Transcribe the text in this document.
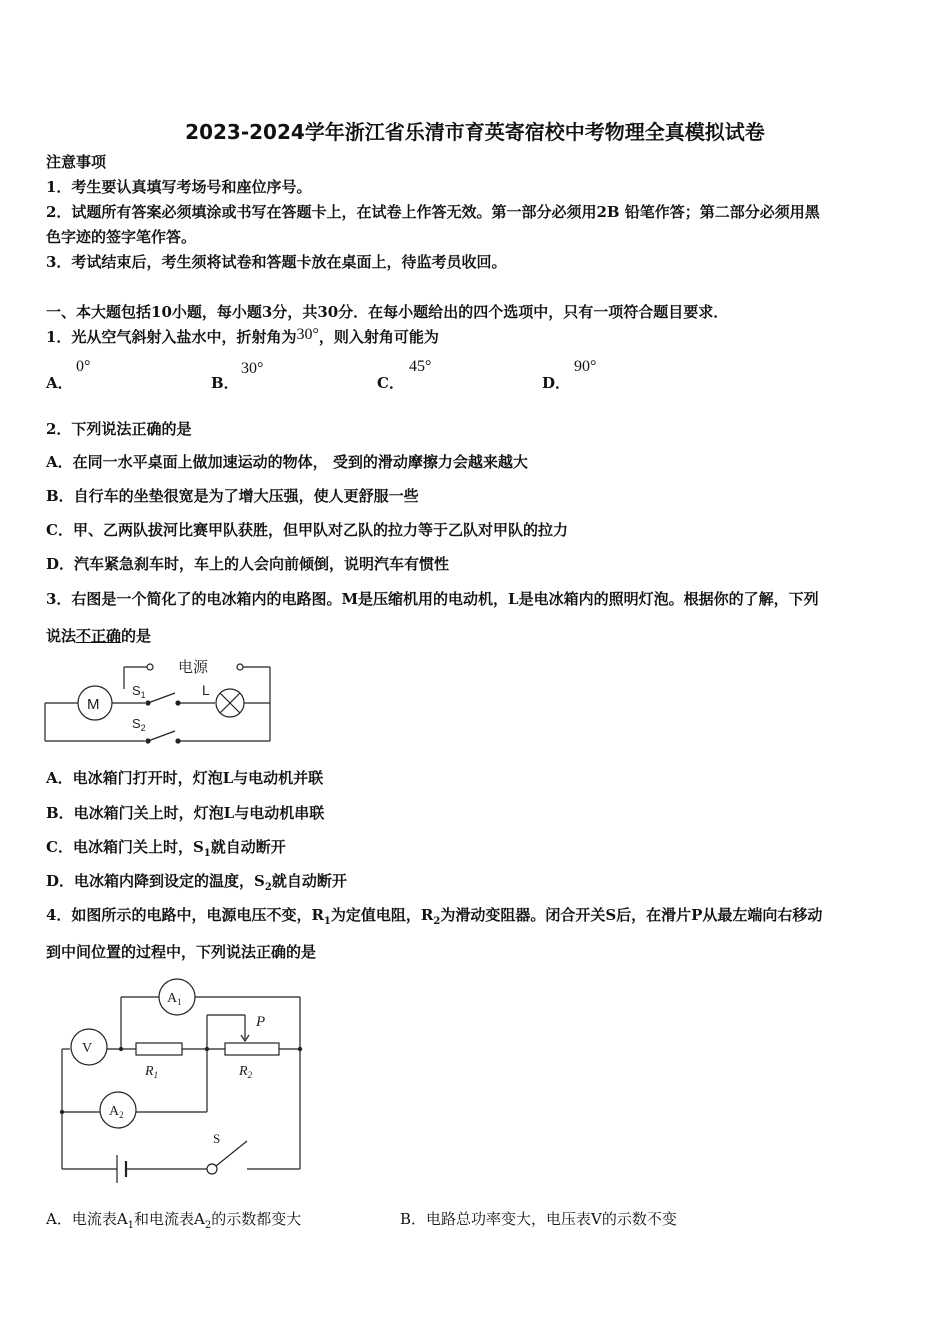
2023-2024学年浙江省乐清市育英寄宿校中考物理全真模拟试卷
注意事项
1．考生要认真填写考场号和座位序号。
2．试题所有答案必须填涂或书写在答题卡上，在试卷上作答无效。第一部分必须用2B 铅笔作答；第二部分必须用黑
色字迹的签字笔作答。
3．考试结束后，考生须将试卷和答题卡放在桌面上，待监考员收回。
一、本大题包括10小题，每小题3分，共30分．在每小题给出的四个选项中，只有一项符合题目要求．
1．光从空气斜射入盐水中，折射角为30°，则入射角可能为
A．
0°
B．
30°
C．
45°
D．
90°
2．下列说法正确的是
A．在同一水平桌面上做加速运动的物体， 受到的滑动摩擦力会越来越大
B．自行车的坐垫很宽是为了增大压强，使人更舒服一些
C．甲、乙两队拔河比赛甲队获胜，但甲队对乙队的拉力等于乙队对甲队的拉力
D．汽车紧急刹车时，车上的人会向前倾倒，说明汽车有惯性
3．右图是一个简化了的电冰箱内的电路图。M是压缩机用的电动机，L是电冰箱内的照明灯泡。根据你的了解，下列
说法不正确的是
电源
M
$S_1$	L
$S_2$
A．电冰箱门打开时，灯泡L与电动机并联
B．电冰箱门关上时，灯泡L与电动机串联
C．电冰箱门关上时，$S_1$就自动断开
D．电冰箱内降到设定的温度，$S_2$就自动断开
4．如图所示的电路中，电源电压不变，$R_1$为定值电阻，$R_2$为滑动变阻器。闭合开关S后，在滑片P从最左端向右移动
到中间位置的过程中，下列说法正确的是
$A_1$
V
$A_2$
P
$R_1$	$R_2$
S
A．电流表$A_1$和电流表$A_2$的示数都变大	B．电路总功率变大，电压表V的示数不变
